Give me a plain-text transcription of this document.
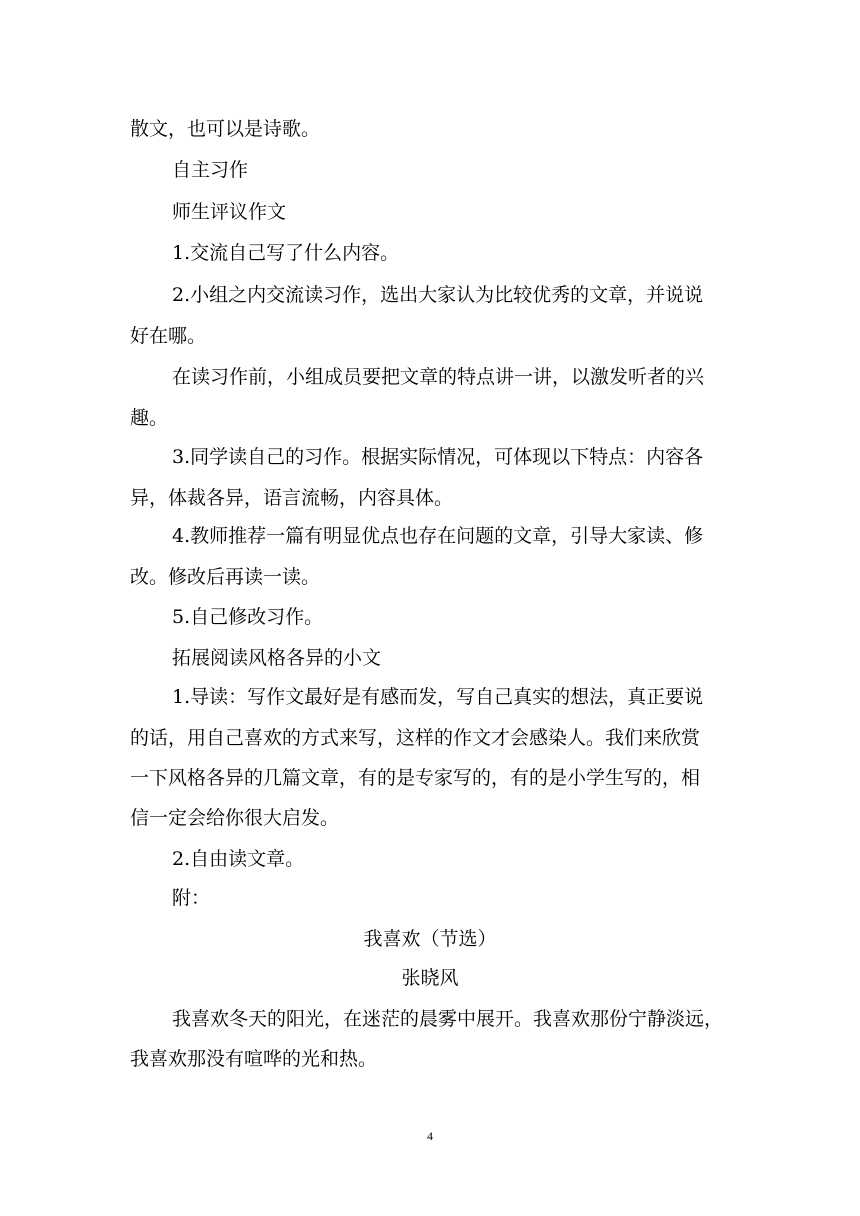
散文，也可以是诗歌。
自主习作
师生评议作文
1.交流自己写了什么内容。
2.小组之内交流读习作，选出大家认为比较优秀的文章，并说说
好在哪。
在读习作前，小组成员要把文章的特点讲一讲，以激发听者的兴
趣。
3.同学读自己的习作。根据实际情况，可体现以下特点：内容各
异，体裁各异，语言流畅，内容具体。
4.教师推荐一篇有明显优点也存在问题的文章，引导大家读、修
改。修改后再读一读。
5.自己修改习作。
拓展阅读风格各异的小文
1.导读：写作文最好是有感而发，写自己真实的想法，真正要说
的话，用自己喜欢的方式来写，这样的作文才会感染人。我们来欣赏
一下风格各异的几篇文章，有的是专家写的，有的是小学生写的，相
信一定会给你很大启发。
2.自由读文章。
附：
我喜欢（节选）
张晓风
我喜欢冬天的阳光，在迷茫的晨雾中展开。我喜欢那份宁静淡远，
我喜欢那没有喧哗的光和热。
4
